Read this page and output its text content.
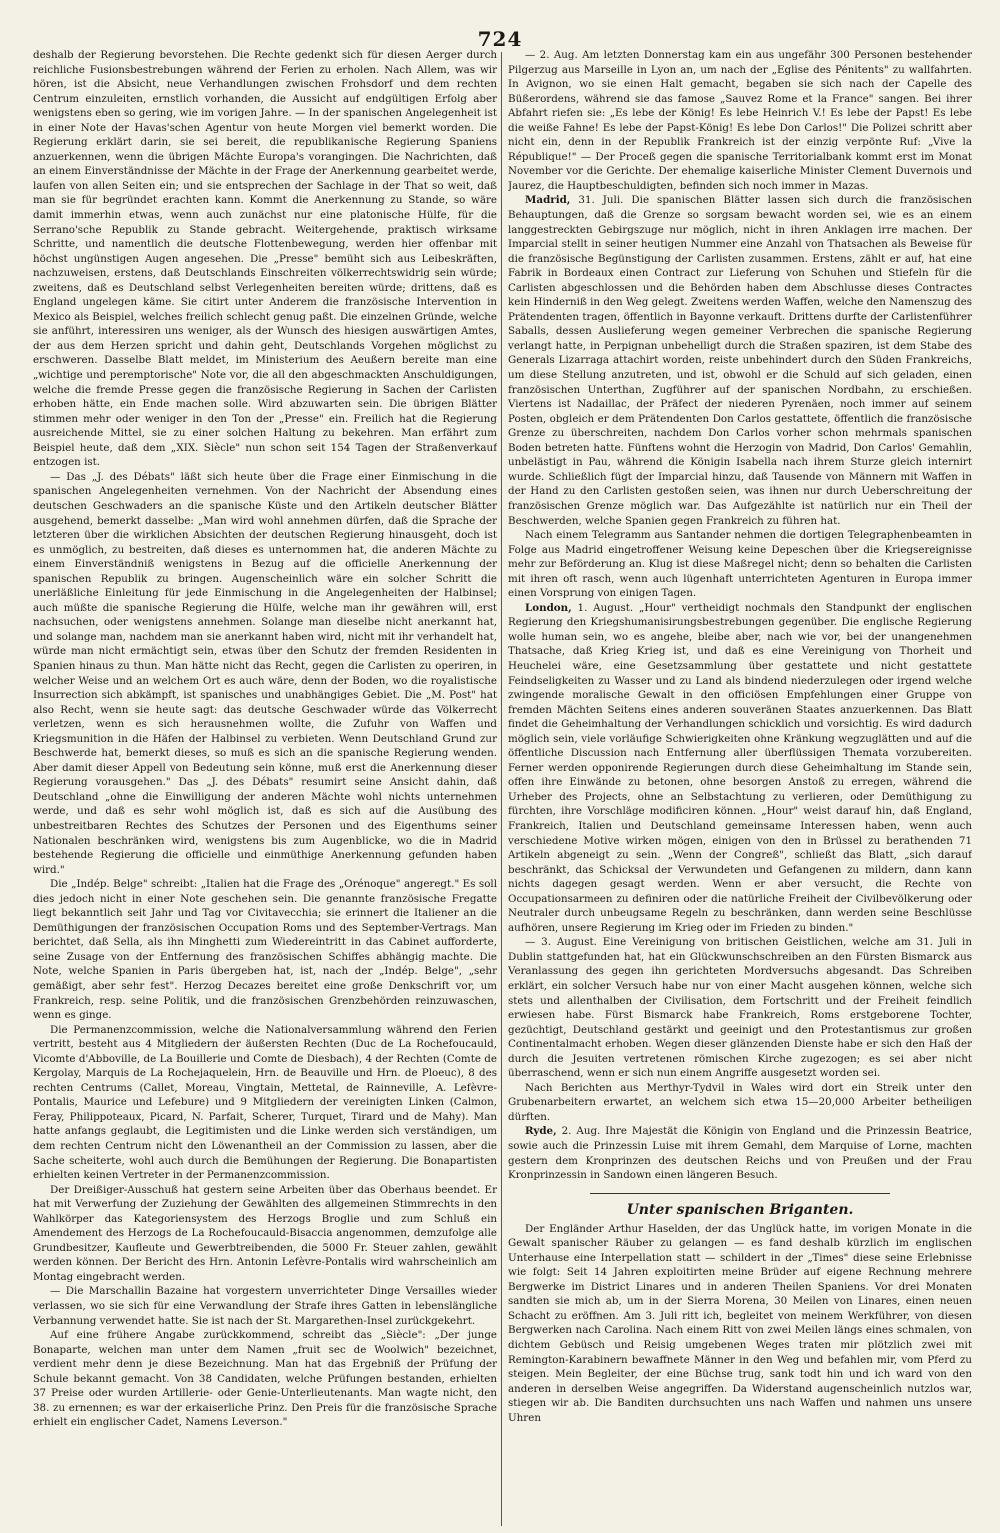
724

deshalb der Regierung bevorstehen. Die Rechte gedenkt sich für diesen Aerger durch reichliche Fusionsbestrebungen während der Ferien zu erholen. Nach Allem, was wir hören, ist die Absicht, neue Verhandlungen zwischen Frohsdorf und dem rechten Centrum einzuleiten, ernstlich vorhanden, die Aussicht auf endgültigen Erfolg aber wenigstens eben so gering, wie im vorigen Jahre. — In der spanischen Angelegenheit ist in einer Note der Havas'schen Agentur von heute Morgen viel bemerkt worden. Die Regierung erklärt darin, sie sei bereit, die republikanische Regierung Spaniens anzuerkennen, wenn die übrigen Mächte Europa's vorangingen. Die Nachrichten, daß an einem Einverständnisse der Mächte in der Frage der Anerkennung gearbeitet werde, laufen von allen Seiten ein; und sie entsprechen der Sachlage in der That so weit, daß man sie für begründet erachten kann. Kommt die Anerkennung zu Stande, so wäre damit immerhin etwas, wenn auch zunächst nur eine platonische Hülfe, für die Serrano'sche Republik zu Stande gebracht. Weitergehende, praktisch wirksame Schritte, und namentlich die deutsche Flottenbewegung, werden hier offenbar mit höchst ungünstigen Augen angesehen. Die „Presse" bemüht sich aus Leibeskräften, nachzuweisen, erstens, daß Deutschlands Einschreiten völkerrechtswidrig sein würde; zweitens, daß es Deutschland selbst Verlegenheiten bereiten würde; drittens, daß es England ungelegen käme. Sie citirt unter Anderem die französische Intervention in Mexico als Beispiel, welches freilich schlecht genug paßt. Die einzelnen Gründe, welche sie anführt, interessiren uns weniger, als der Wunsch des hiesigen auswärtigen Amtes, der aus dem Herzen spricht und dahin geht, Deutschlands Vorgehen möglichst zu erschweren. Dasselbe Blatt meldet, im Ministerium des Aeußern bereite man eine „wichtige und peremptorische" Note vor, die all den abgeschmackten Anschuldigungen, welche die fremde Presse gegen die französische Regierung in Sachen der Carlisten erhoben hätte, ein Ende machen solle. Wird abzuwarten sein. Die übrigen Blätter stimmen mehr oder weniger in den Ton der „Presse" ein. Freilich hat die Regierung ausreichende Mittel, sie zu einer solchen Haltung zu bekehren. Man erfährt zum Beispiel heute, daß dem „XIX. Siècle" nun schon seit 154 Tagen der Straßenverkauf entzogen ist.

— Das „J. des Débats" läßt sich heute über die Frage einer Einmischung in die spanischen Angelegenheiten vernehmen. Von der Nachricht der Absendung eines deutschen Geschwaders an die spanische Küste und den Artikeln deutscher Blätter ausgehend, bemerkt dasselbe: „Man wird wohl annehmen dürfen, daß die Sprache der letzteren über die wirklichen Absichten der deutschen Regierung hinausgeht, doch ist es unmöglich, zu bestreiten, daß dieses es unternommen hat, die anderen Mächte zu einem Einverständniß wenigstens in Bezug auf die officielle Anerkennung der spanischen Republik zu bringen. Augenscheinlich wäre ein solcher Schritt die unerläßliche Einleitung für jede Einmischung in die Angelegenheiten der Halbinsel; auch müßte die spanische Regierung die Hülfe, welche man ihr gewähren will, erst nachsuchen, oder wenigstens annehmen. Solange man dieselbe nicht anerkannt hat, und solange man, nachdem man sie anerkannt haben wird, nicht mit ihr verhandelt hat, würde man nicht ermächtigt sein, etwas über den Schutz der fremden Residenten in Spanien hinaus zu thun. Man hätte nicht das Recht, gegen die Carlisten zu operiren, in welcher Weise und an welchem Ort es auch wäre, denn der Boden, wo die royalistische Insurrection sich abkämpft, ist spanisches und unabhängiges Gebiet. Die „M. Post" hat also Recht, wenn sie heute sagt: das deutsche Geschwader würde das Völkerrecht verletzen, wenn es sich herausnehmen wollte, die Zufuhr von Waffen und Kriegsmunition in die Häfen der Halbinsel zu verbieten. Wenn Deutschland Grund zur Beschwerde hat, bemerkt dieses, so muß es sich an die spanische Regierung wenden. Aber damit dieser Appell von Bedeutung sein könne, muß erst die Anerkennung dieser Regierung vorausgehen." Das „J. des Débats" resumirt seine Ansicht dahin, daß Deutschland „ohne die Einwilligung der anderen Mächte wohl nichts unternehmen werde, und daß es sehr wohl möglich ist, daß es sich auf die Ausübung des unbestreitbaren Rechtes des Schutzes der Personen und des Eigenthums seiner Nationalen beschränken wird, wenigstens bis zum Augenblicke, wo die in Madrid bestehende Regierung die officielle und einmüthige Anerkennung gefunden haben wird."

Die „Indép. Belge" schreibt: „Italien hat die Frage des „Orénoque" angeregt." Es soll dies jedoch nicht in einer Note geschehen sein. Die genannte französische Fregatte liegt bekanntlich seit Jahr und Tag vor Civitavecchia; sie erinnert die Italiener an die Demüthigungen der französischen Occupation Roms und des September-Vertrags. Man berichtet, daß Sella, als ihn Minghetti zum Wiedereintritt in das Cabinet aufforderte, seine Zusage von der Entfernung des französischen Schiffes abhängig machte. Die Note, welche Spanien in Paris übergeben hat, ist, nach der „Indép. Belge", „sehr gemäßigt, aber sehr fest". Herzog Decazes bereitet eine große Denkschrift vor, um Frankreich, resp. seine Politik, und die französischen Grenzbehörden reinzuwaschen, wenn es ginge.

Die Permanenzcommission, welche die Nationalversammlung während den Ferien vertritt, besteht aus 4 Mitgliedern der äußersten Rechten (Duc de La Rochefoucauld, Vicomte d'Abboville, de La Bouillerie und Comte de Diesbach), 4 der Rechten (Comte de Kergolay, Marquis de La Rochejaquelein, Hrn. de Beauville und Hrn. de Ploeuc), 8 des rechten Centrums (Callet, Moreau, Vingtain, Mettetal, de Rainneville, A. Lefèvre-Pontalis, Maurice und Lefebure) und 9 Mitgliedern der vereinigten Linken (Calmon, Feray, Philippoteaux, Picard, N. Parfait, Scherer, Turquet, Tirard und de Mahy). Man hatte anfangs geglaubt, die Legitimisten und die Linke werden sich verständigen, um dem rechten Centrum nicht den Löwenantheil an der Commission zu lassen, aber die Sache scheiterte, wohl auch durch die Bemühungen der Regierung. Die Bonapartisten erhielten keinen Vertreter in der Permanenzcommission.

Der Dreißiger-Ausschuß hat gestern seine Arbeiten über das Oberhaus beendet. Er hat mit Verwerfung der Zuziehung der Gewählten des allgemeinen Stimmrechts in den Wahlkörper das Kategoriensystem des Herzogs Broglie und zum Schluß ein Amendement des Herzogs de La Rochefoucauld-Bisaccia angenommen, demzufolge alle Grundbesitzer, Kaufleute und Gewerbtreibenden, die 5000 Fr. Steuer zahlen, gewählt werden können. Der Bericht des Hrn. Antonin Lefèvre-Pontalis wird wahrscheinlich am Montag eingebracht werden.

— Die Marschallin Bazaine hat vorgestern unverrichteter Dinge Versailles wieder verlassen, wo sie sich für eine Verwandlung der Strafe ihres Gatten in lebenslängliche Verbannung verwendet hatte. Sie ist nach der St. Margarethen-Insel zurückgekehrt.

Auf eine frühere Angabe zurückkommend, schreibt das „Siècle": „Der junge Bonaparte, welchen man unter dem Namen „fruit sec de Woolwich" bezeichnet, verdient mehr denn je diese Bezeichnung. Man hat das Ergebniß der Prüfung der Schule bekannt gemacht. Von 38 Candidaten, welche Prüfungen bestanden, erhielten 37 Preise oder wurden Artillerie- oder Genie-Unterlieutenants. Man wagte nicht, den 38. zu ernennen; es war der erkaiserliche Prinz. Den Preis für die französische Sprache erhielt ein englischer Cadet, Namens Leverson."

— 2. Aug. Am letzten Donnerstag kam ein aus ungefähr 300 Personen bestehender Pilgerzug aus Marseille in Lyon an, um nach der „Eglise des Pénitents" zu wallfahrten. In Avignon, wo sie einen Halt gemacht, begaben sie sich nach der Capelle des Büßerordens, während sie das famose „Sauvez Rome et la France" sangen. Bei ihrer Abfahrt riefen sie: „Es lebe der König! Es lebe Heinrich V.! Es lebe der Papst! Es lebe die weiße Fahne! Es lebe der Papst-König! Es lebe Don Carlos!" Die Polizei schritt aber nicht ein, denn in der Republik Frankreich ist der einzig verpönte Ruf: „Vive la République!" — Der Proceß gegen die spanische Territorialbank kommt erst im Monat November vor die Gerichte. Der ehemalige kaiserliche Minister Clement Duvernois und Jaurez, die Hauptbeschuldigten, befinden sich noch immer in Mazas.

Madrid, 31. Juli. Die spanischen Blätter lassen sich durch die französischen Behauptungen, daß die Grenze so sorgsam bewacht worden sei, wie es an einem langgestreckten Gebirgszuge nur möglich, nicht in ihren Anklagen irre machen. Der Imparcial stellt in seiner heutigen Nummer eine Anzahl von Thatsachen als Beweise für die französische Begünstigung der Carlisten zusammen. Erstens, zählt er auf, hat eine Fabrik in Bordeaux einen Contract zur Lieferung von Schuhen und Stiefeln für die Carlisten abgeschlossen und die Behörden haben dem Abschlusse dieses Contractes kein Hinderniß in den Weg gelegt. Zweitens werden Waffen, welche den Namenszug des Prätendenten tragen, öffentlich in Bayonne verkauft. Drittens durfte der Carlistenführer Saballs, dessen Auslieferung wegen gemeiner Verbrechen die spanische Regierung verlangt hatte, in Perpignan unbehelligt durch die Straßen spaziren, ist dem Stabe des Generals Lizarraga attachirt worden, reiste unbehindert durch den Süden Frankreichs, um diese Stellung anzutreten, und ist, obwohl er die Schuld auf sich geladen, einen französischen Unterthan, Zugführer auf der spanischen Nordbahn, zu erschießen. Viertens ist Nadaillac, der Präfect der niederen Pyrenäen, noch immer auf seinem Posten, obgleich er dem Prätendenten Don Carlos gestattete, öffentlich die französische Grenze zu überschreiten, nachdem Don Carlos vorher schon mehrmals spanischen Boden betreten hatte. Fünftens wohnt die Herzogin von Madrid, Don Carlos' Gemahlin, unbelästigt in Pau, während die Königin Isabella nach ihrem Sturze gleich internirt wurde. Schließlich fügt der Imparcial hinzu, daß Tausende von Männern mit Waffen in der Hand zu den Carlisten gestoßen seien, was ihnen nur durch Ueberschreitung der französischen Grenze möglich war. Das Aufgezählte ist natürlich nur ein Theil der Beschwerden, welche Spanien gegen Frankreich zu führen hat.

Nach einem Telegramm aus Santander nehmen die dortigen Telegraphenbeamten in Folge aus Madrid eingetroffener Weisung keine Depeschen über die Kriegsereignisse mehr zur Beförderung an. Klug ist diese Maßregel nicht; denn so behalten die Carlisten mit ihren oft rasch, wenn auch lügenhaft unterrichteten Agenturen in Europa immer einen Vorsprung von einigen Tagen.

London, 1. August. „Hour" vertheidigt nochmals den Standpunkt der englischen Regierung den Kriegshumanisirungsbestrebungen gegenüber. Die englische Regierung wolle human sein, wo es angehe, bleibe aber, nach wie vor, bei der unangenehmen Thatsache, daß Krieg Krieg ist, und daß es eine Vereinigung von Thorheit und Heuchelei wäre, eine Gesetzsammlung über gestattete und nicht gestattete Feindseligkeiten zu Wasser und zu Land als bindend niederzulegen oder irgend welche zwingende moralische Gewalt in den officiösen Empfehlungen einer Gruppe von fremden Mächten Seitens eines anderen souveränen Staates anzuerkennen. Das Blatt findet die Geheimhaltung der Verhandlungen schicklich und vorsichtig. Es wird dadurch möglich sein, viele vorläufige Schwierigkeiten ohne Kränkung wegzuglätten und auf die öffentliche Discussion nach Entfernung aller überflüssigen Themata vorzubereiten. Ferner werden opponirende Regierungen durch diese Geheimhaltung im Stande sein, offen ihre Einwände zu betonen, ohne besorgen Anstoß zu erregen, während die Urheber des Projects, ohne an Selbstachtung zu verlieren, oder Demüthigung zu fürchten, ihre Vorschläge modificiren können. „Hour" weist darauf hin, daß England, Frankreich, Italien und Deutschland gemeinsame Interessen haben, wenn auch verschiedene Motive wirken mögen, einigen von den in Brüssel zu berathenden 71 Artikeln abgeneigt zu sein. „Wenn der Congreß", schließt das Blatt, „sich darauf beschränkt, das Schicksal der Verwundeten und Gefangenen zu mildern, dann kann nichts dagegen gesagt werden. Wenn er aber versucht, die Rechte von Occupationsarmeen zu definiren oder die natürliche Freiheit der Civilbevölkerung oder Neutraler durch unbeugsame Regeln zu beschränken, dann werden seine Beschlüsse aufhören, unsere Regierung im Krieg oder im Frieden zu binden."

— 3. August. Eine Vereinigung von britischen Geistlichen, welche am 31. Juli in Dublin stattgefunden hat, hat ein Glückwunschschreiben an den Fürsten Bismarck aus Veranlassung des gegen ihn gerichteten Mordversuchs abgesandt. Das Schreiben erklärt, ein solcher Versuch habe nur von einer Macht ausgehen können, welche sich stets und allenthalben der Civilisation, dem Fortschritt und der Freiheit feindlich erwiesen habe. Fürst Bismarck habe Frankreich, Roms erstgeborene Tochter, gezüchtigt, Deutschland gestärkt und geeinigt und den Protestantismus zur großen Continentalmacht erhoben. Wegen dieser glänzenden Dienste habe er sich den Haß der durch die Jesuiten vertretenen römischen Kirche zugezogen; es sei aber nicht überraschend, wenn er sich nun einem Angriffe ausgesetzt worden sei.

Nach Berichten aus Merthyr-Tydvil in Wales wird dort ein Streik unter den Grubenarbeitern erwartet, an welchem sich etwa 15—20,000 Arbeiter betheiligen dürften.

Ryde, 2. Aug. Ihre Majestät die Königin von England und die Prinzessin Beatrice, sowie auch die Prinzessin Luise mit ihrem Gemahl, dem Marquise of Lorne, machten gestern dem Kronprinzen des deutschen Reichs und von Preußen und der Frau Kronprinzessin in Sandown einen längeren Besuch.

Unter spanischen Briganten.

Der Engländer Arthur Haselden, der das Unglück hatte, im vorigen Monate in die Gewalt spanischer Räuber zu gelangen — es fand deshalb kürzlich im englischen Unterhause eine Interpellation statt — schildert in der „Times" diese seine Erlebnisse wie folgt: Seit 14 Jahren exploitirten meine Brüder auf eigene Rechnung mehrere Bergwerke im District Linares und in anderen Theilen Spaniens. Vor drei Monaten sandten sie mich ab, um in der Sierra Morena, 30 Meilen von Linares, einen neuen Schacht zu eröffnen. Am 3. Juli ritt ich, begleitet von meinem Werkführer, von diesen Bergwerken nach Carolina. Nach einem Ritt von zwei Meilen längs eines schmalen, von dichtem Gebüsch und Reisig umgebenen Weges traten mir plötzlich zwei mit Remington-Karabinern bewaffnete Männer in den Weg und befahlen mir, vom Pferd zu steigen. Mein Begleiter, der eine Büchse trug, sank todt hin und ich ward von den anderen in derselben Weise angegriffen. Da Widerstand augenscheinlich nutzlos war, stiegen wir ab. Die Banditen durchsuchten uns nach Waffen und nahmen uns unsere Uhren
